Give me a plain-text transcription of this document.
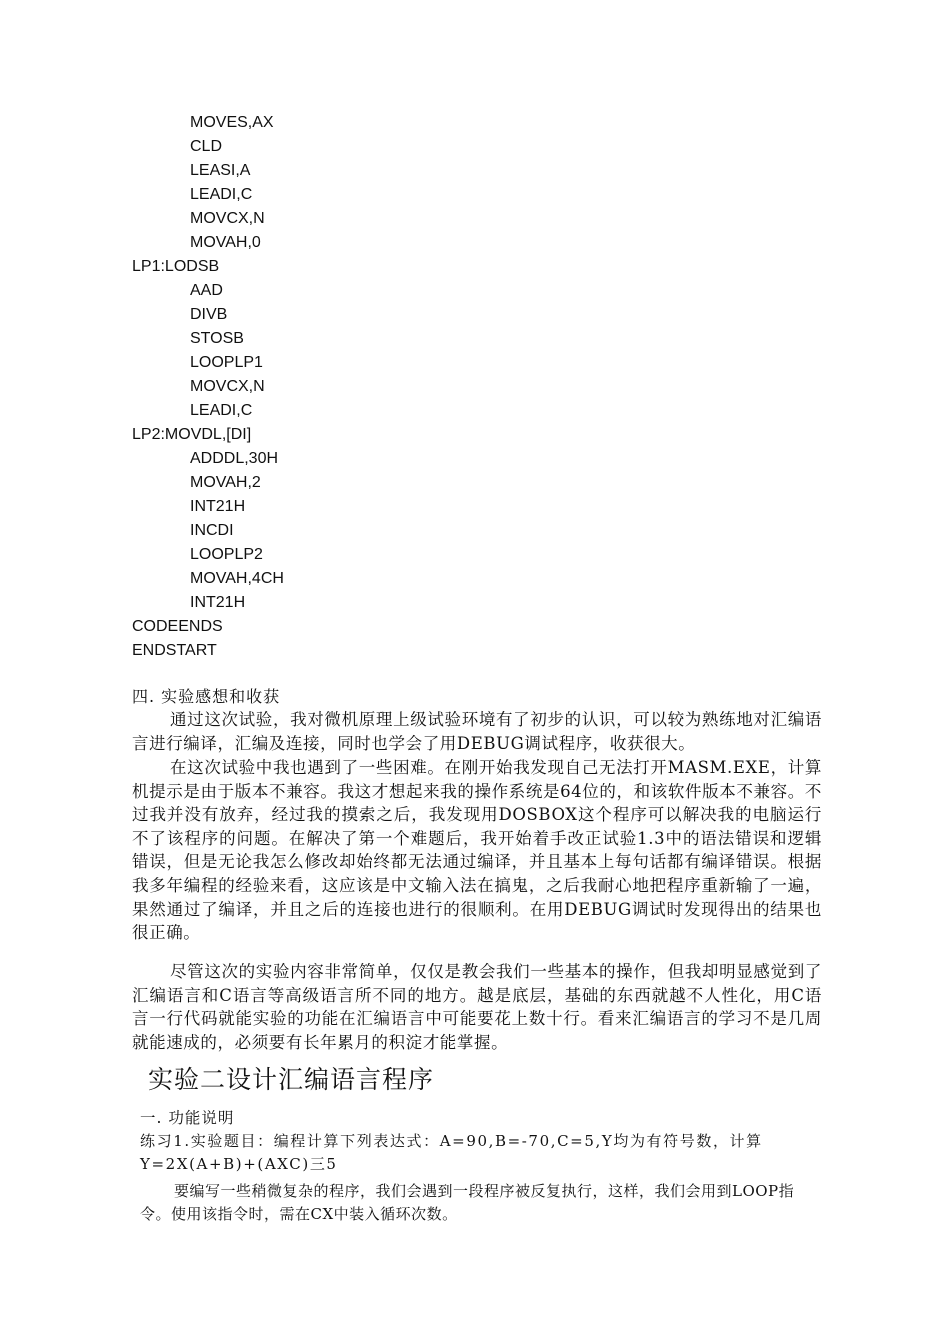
MOVES,AX
CLD
LEASI,A
LEADI,C
MOVCX,N
MOVAH,0
LP1:LODSB
AAD
DIVB
STOSB
LOOPLP1
MOVCX,N
LEADI,C
LP2:MOVDL,[DI]
ADDDL,30H
MOVAH,2
INT21H
INCDI
LOOPLP2
MOVAH,4CH
INT21H
CODEENDS
ENDSTART
四. 实验感想和收获
通过这次试验，我对微机原理上级试验环境有了初步的认识，可以较为熟练地对汇编语言进行编译，汇编及连接，同时也学会了用DEBUG调试程序，收获很大。
在这次试验中我也遇到了一些困难。在刚开始我发现自己无法打开MASM.EXE，计算机提示是由于版本不兼容。我这才想起来我的操作系统是64位的，和该软件版本不兼容。不过我并没有放弃，经过我的摸索之后，我发现用DOSBOX这个程序可以解决我的电脑运行不了该程序的问题。在解决了第一个难题后，我开始着手改正试验1.3中的语法错误和逻辑错误，但是无论我怎么修改却始终都无法通过编译，并且基本上每句话都有编译错误。根据我多年编程的经验来看，这应该是中文输入法在搞鬼，之后我耐心地把程序重新输了一遍，果然通过了编译，并且之后的连接也进行的很顺利。在用DEBUG调试时发现得出的结果也很正确。
尽管这次的实验内容非常简单，仅仅是教会我们一些基本的操作，但我却明显感觉到了汇编语言和C语言等高级语言所不同的地方。越是底层，基础的东西就越不人性化，用C语言一行代码就能实验的功能在汇编语言中可能要花上数十行。看来汇编语言的学习不是几周就能速成的，必须要有长年累月的积淀才能掌握。
实验二设计汇编语言程序
一. 功能说明
练习1.实验题目：编程计算下列表达式：A=90,B=-70,C=5,Y均为有符号数，计算Y=2X(A+B)+(AXC)三5
要编写一些稍微复杂的程序，我们会遇到一段程序被反复执行，这样，我们会用到LOOP指令。使用该指令时，需在CX中装入循环次数。
